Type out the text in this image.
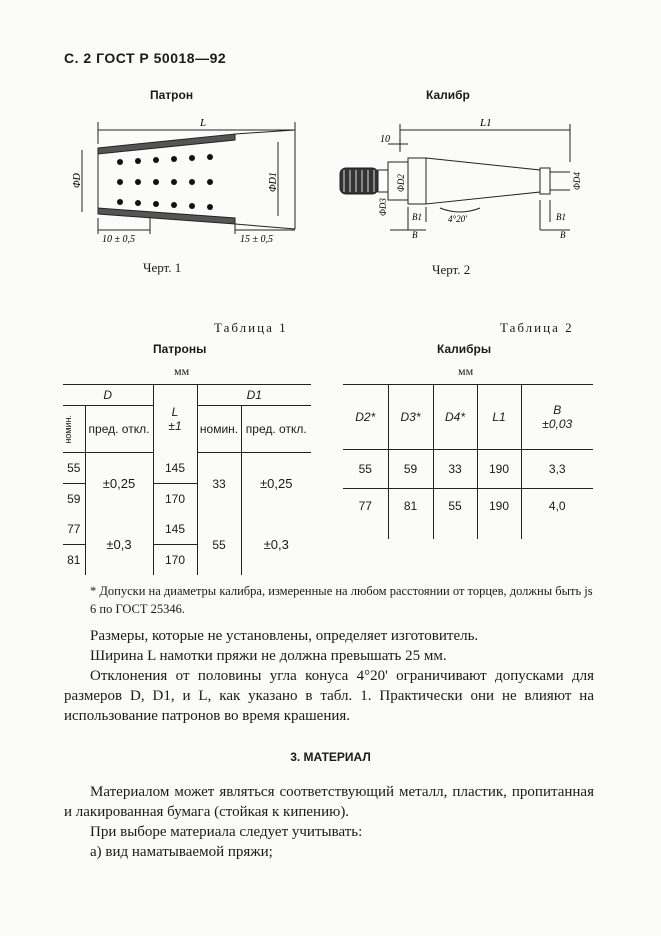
С. 2 ГОСТ Р 50018—92
Патрон	Калибр
L
ΦD	ΦD1
10 ± 0,5	15 ± 0,5
L1
10
ΦD2
ΦD3
ΦD4
B1
B
4°20'	B1
B
Черт. 1	Черт. 2
Таблица 1
Патроны
мм
Таблица 2
Калибры
мм
D		L
±1	D1	

номин.	пред. откл.		номин.	пред. откл.
55	±0,25	145	33	±0,25
59		170		
77	±0,3	145	55	±0,3
81		170		
D2*	D3*	D4*	L1	B
±0,03

55	59	33	190	3,3
77	81	55	190	4,0
* Допуски на диаметры калибра, измеренные на любом расстоянии от торцев, должны быть js 6 по ГОСТ 25346.
Размеры, которые не установлены, определяет изготовитель.
Ширина L намотки пряжи не должна превышать 25 мм.
Отклонения от половины угла конуса 4°20' ограничивают допусками для размеров D, D1, и L, как указано в табл. 1. Практически они не влияют на использование патронов во время крашения.
3. МАТЕРИАЛ
Материалом может являться соответствующий металл, пластик, пропитанная и лакированная бумага (стойкая к кипению).
При выборе материала следует учитывать:
а) вид наматываемой пряжи;
